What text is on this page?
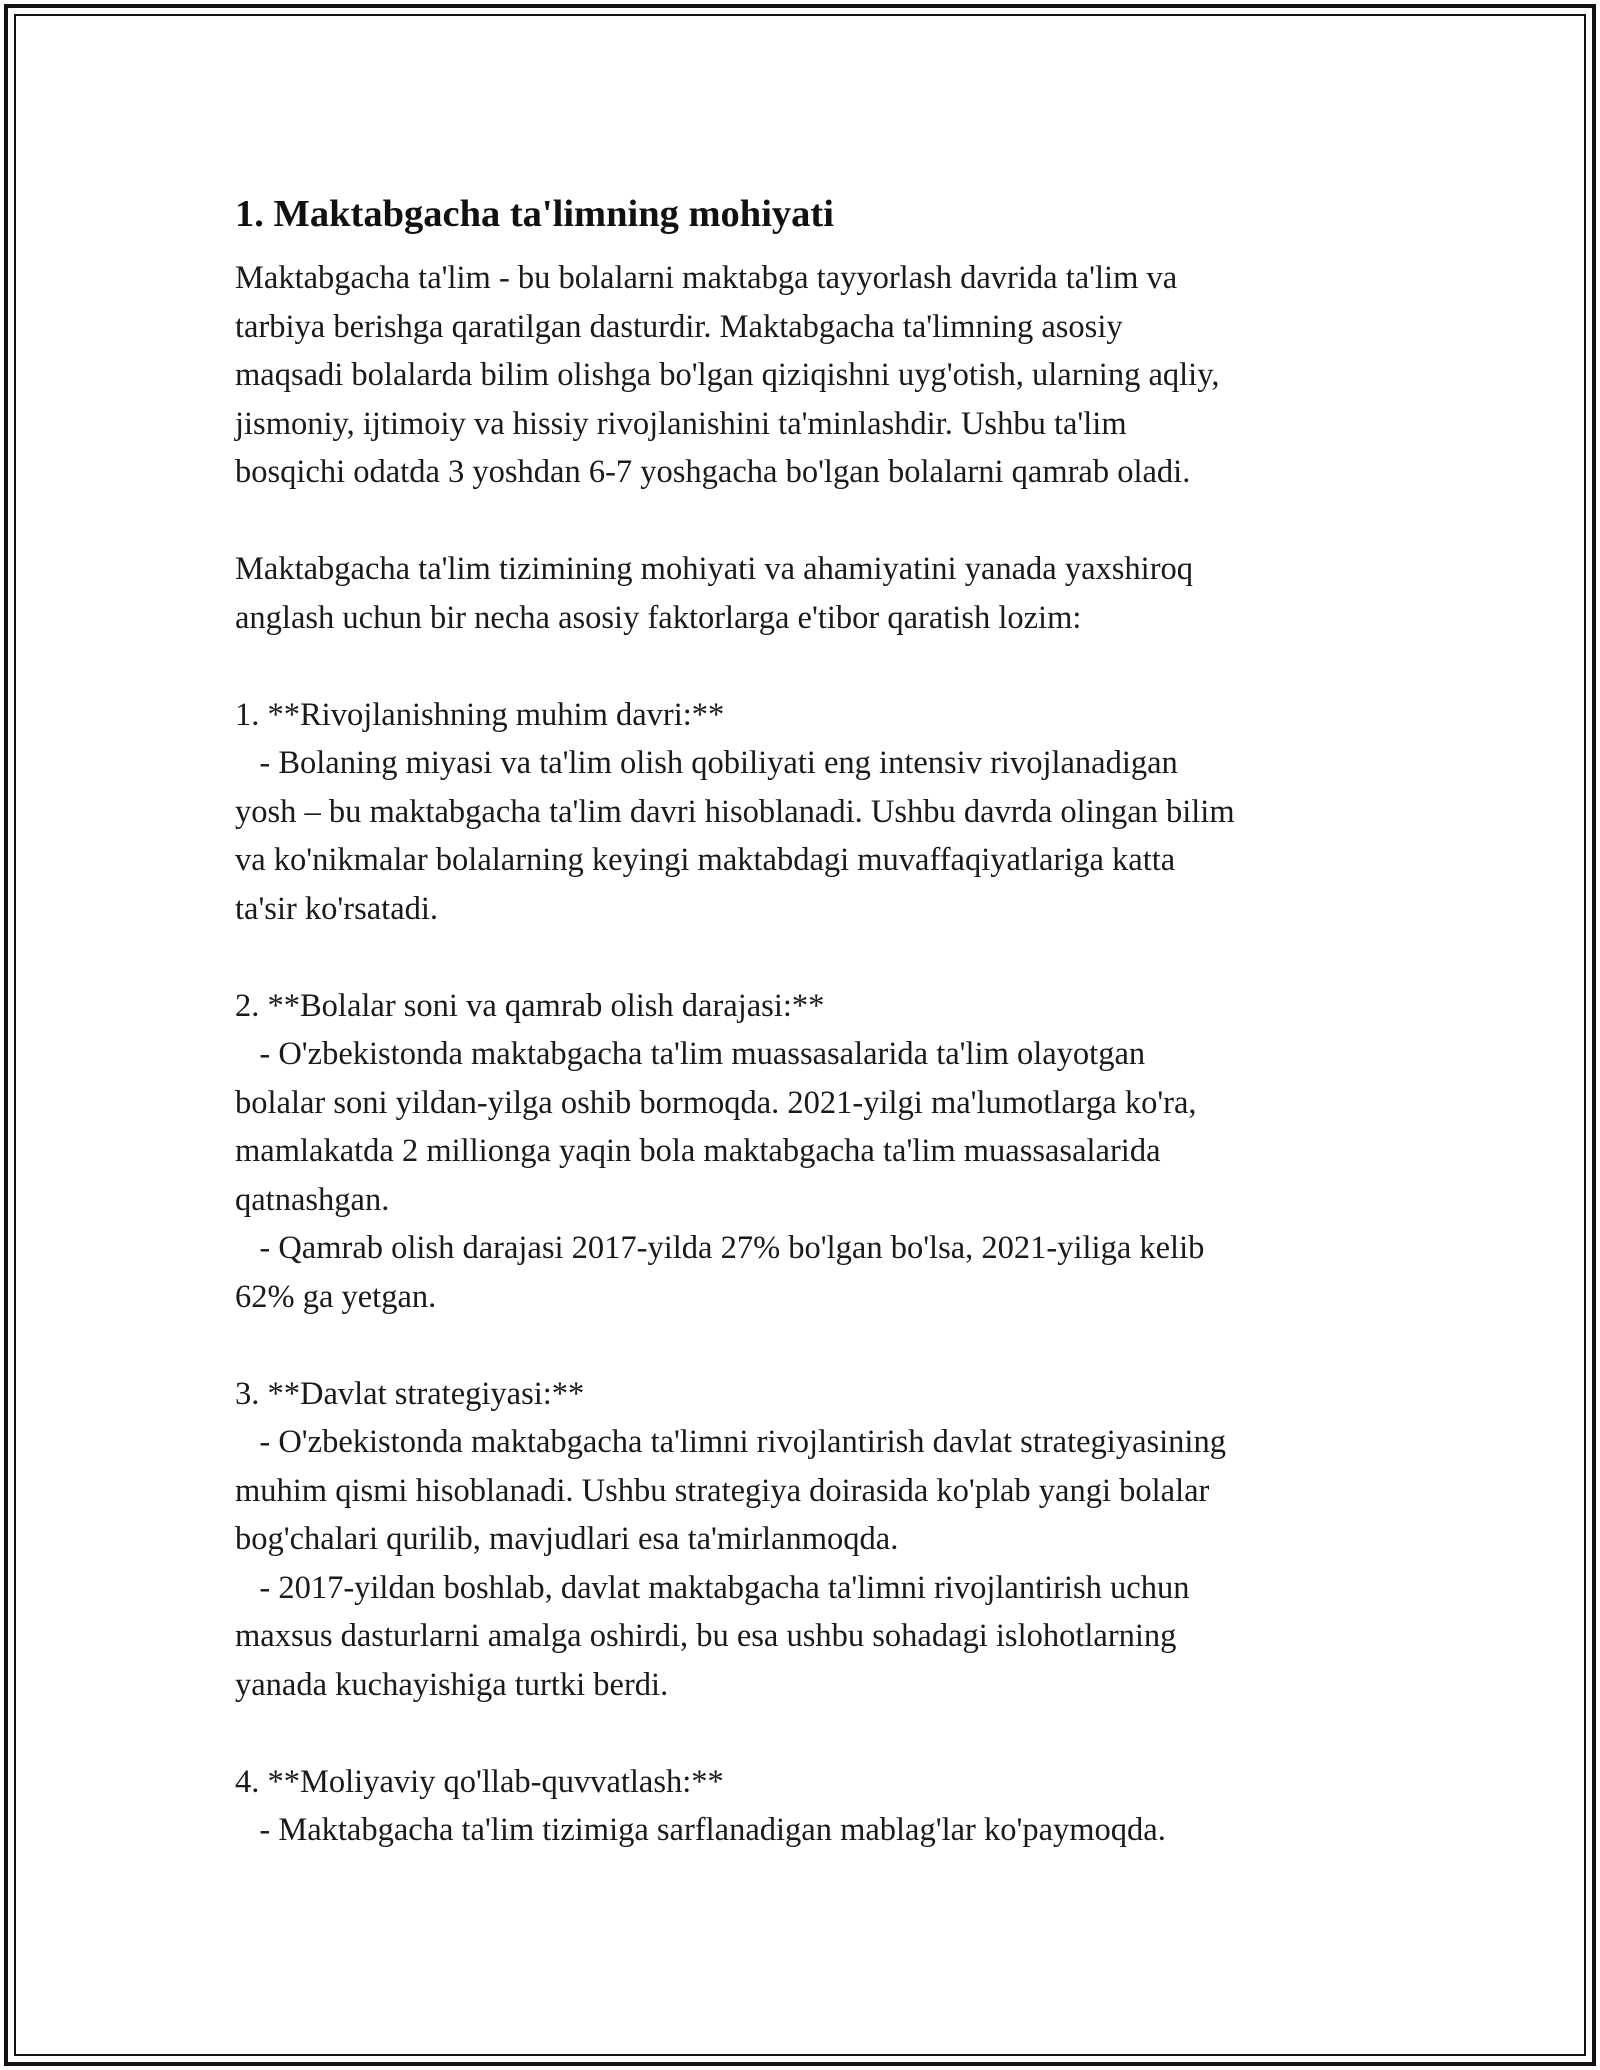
1. Maktabgacha ta'limning mohiyati

Maktabgacha ta'lim - bu bolalarni maktabga tayyorlash davrida ta'lim va
tarbiya berishga qaratilgan dasturdir. Maktabgacha ta'limning asosiy
maqsadi bolalarda bilim olishga bo'lgan qiziqishni uyg'otish, ularning aqliy,
jismoniy, ijtimoiy va hissiy rivojlanishini ta'minlashdir. Ushbu ta'lim
bosqichi odatda 3 yoshdan 6-7 yoshgacha bo'lgan bolalarni qamrab oladi.

Maktabgacha ta'lim tizimining mohiyati va ahamiyatini yanada yaxshiroq
anglash uchun bir necha asosiy faktorlarga e'tibor qaratish lozim:

1. **Rivojlanishning muhim davri:**
- Bolaning miyasi va ta'lim olish qobiliyati eng intensiv rivojlanadigan
yosh – bu maktabgacha ta'lim davri hisoblanadi. Ushbu davrda olingan bilim
va ko'nikmalar bolalarning keyingi maktabdagi muvaffaqiyatlariga katta
ta'sir ko'rsatadi.

2. **Bolalar soni va qamrab olish darajasi:**
- O'zbekistonda maktabgacha ta'lim muassasalarida ta'lim olayotgan
bolalar soni yildan-yilga oshib bormoqda. 2021-yilgi ma'lumotlarga ko'ra,
mamlakatda 2 millionga yaqin bola maktabgacha ta'lim muassasalarida
qatnashgan.
- Qamrab olish darajasi 2017-yilda 27% bo'lgan bo'lsa, 2021-yiliga kelib
62% ga yetgan.

3. **Davlat strategiyasi:**
- O'zbekistonda maktabgacha ta'limni rivojlantirish davlat strategiyasining
muhim qismi hisoblanadi. Ushbu strategiya doirasida ko'plab yangi bolalar
bog'chalari qurilib, mavjudlari esa ta'mirlanmoqda.
- 2017-yildan boshlab, davlat maktabgacha ta'limni rivojlantirish uchun
maxsus dasturlarni amalga oshirdi, bu esa ushbu sohadagi islohotlarning
yanada kuchayishiga turtki berdi.

4. **Moliyaviy qo'llab-quvvatlash:**
- Maktabgacha ta'lim tizimiga sarflanadigan mablag'lar ko'paymoqda.
